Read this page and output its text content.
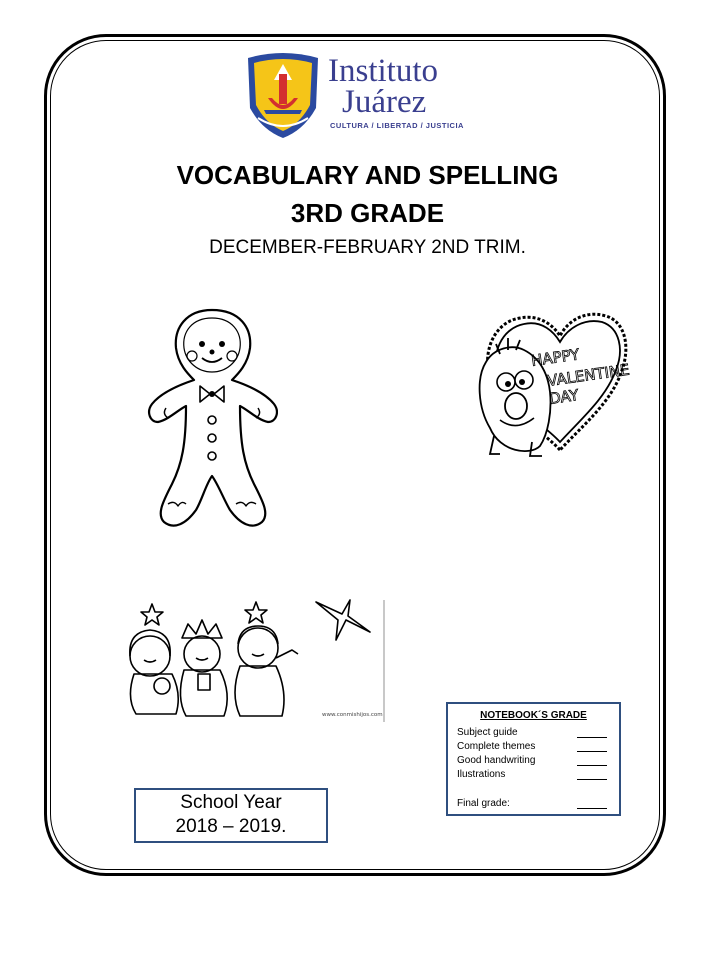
Instituto
Juárez
CULTURA / LIBERTAD / JUSTICIA
VOCABULARY AND SPELLING
3RD GRADE
DECEMBER-FEBRUARY 2ND TRIM.
HAPPY
VALENTINE
DAY
www.conmishijos.com	NOTEBOOK´S GRADE
Subject guide
Complete themes
Good handwriting
Ilustrations
Final grade:
School Year
2018 – 2019.
